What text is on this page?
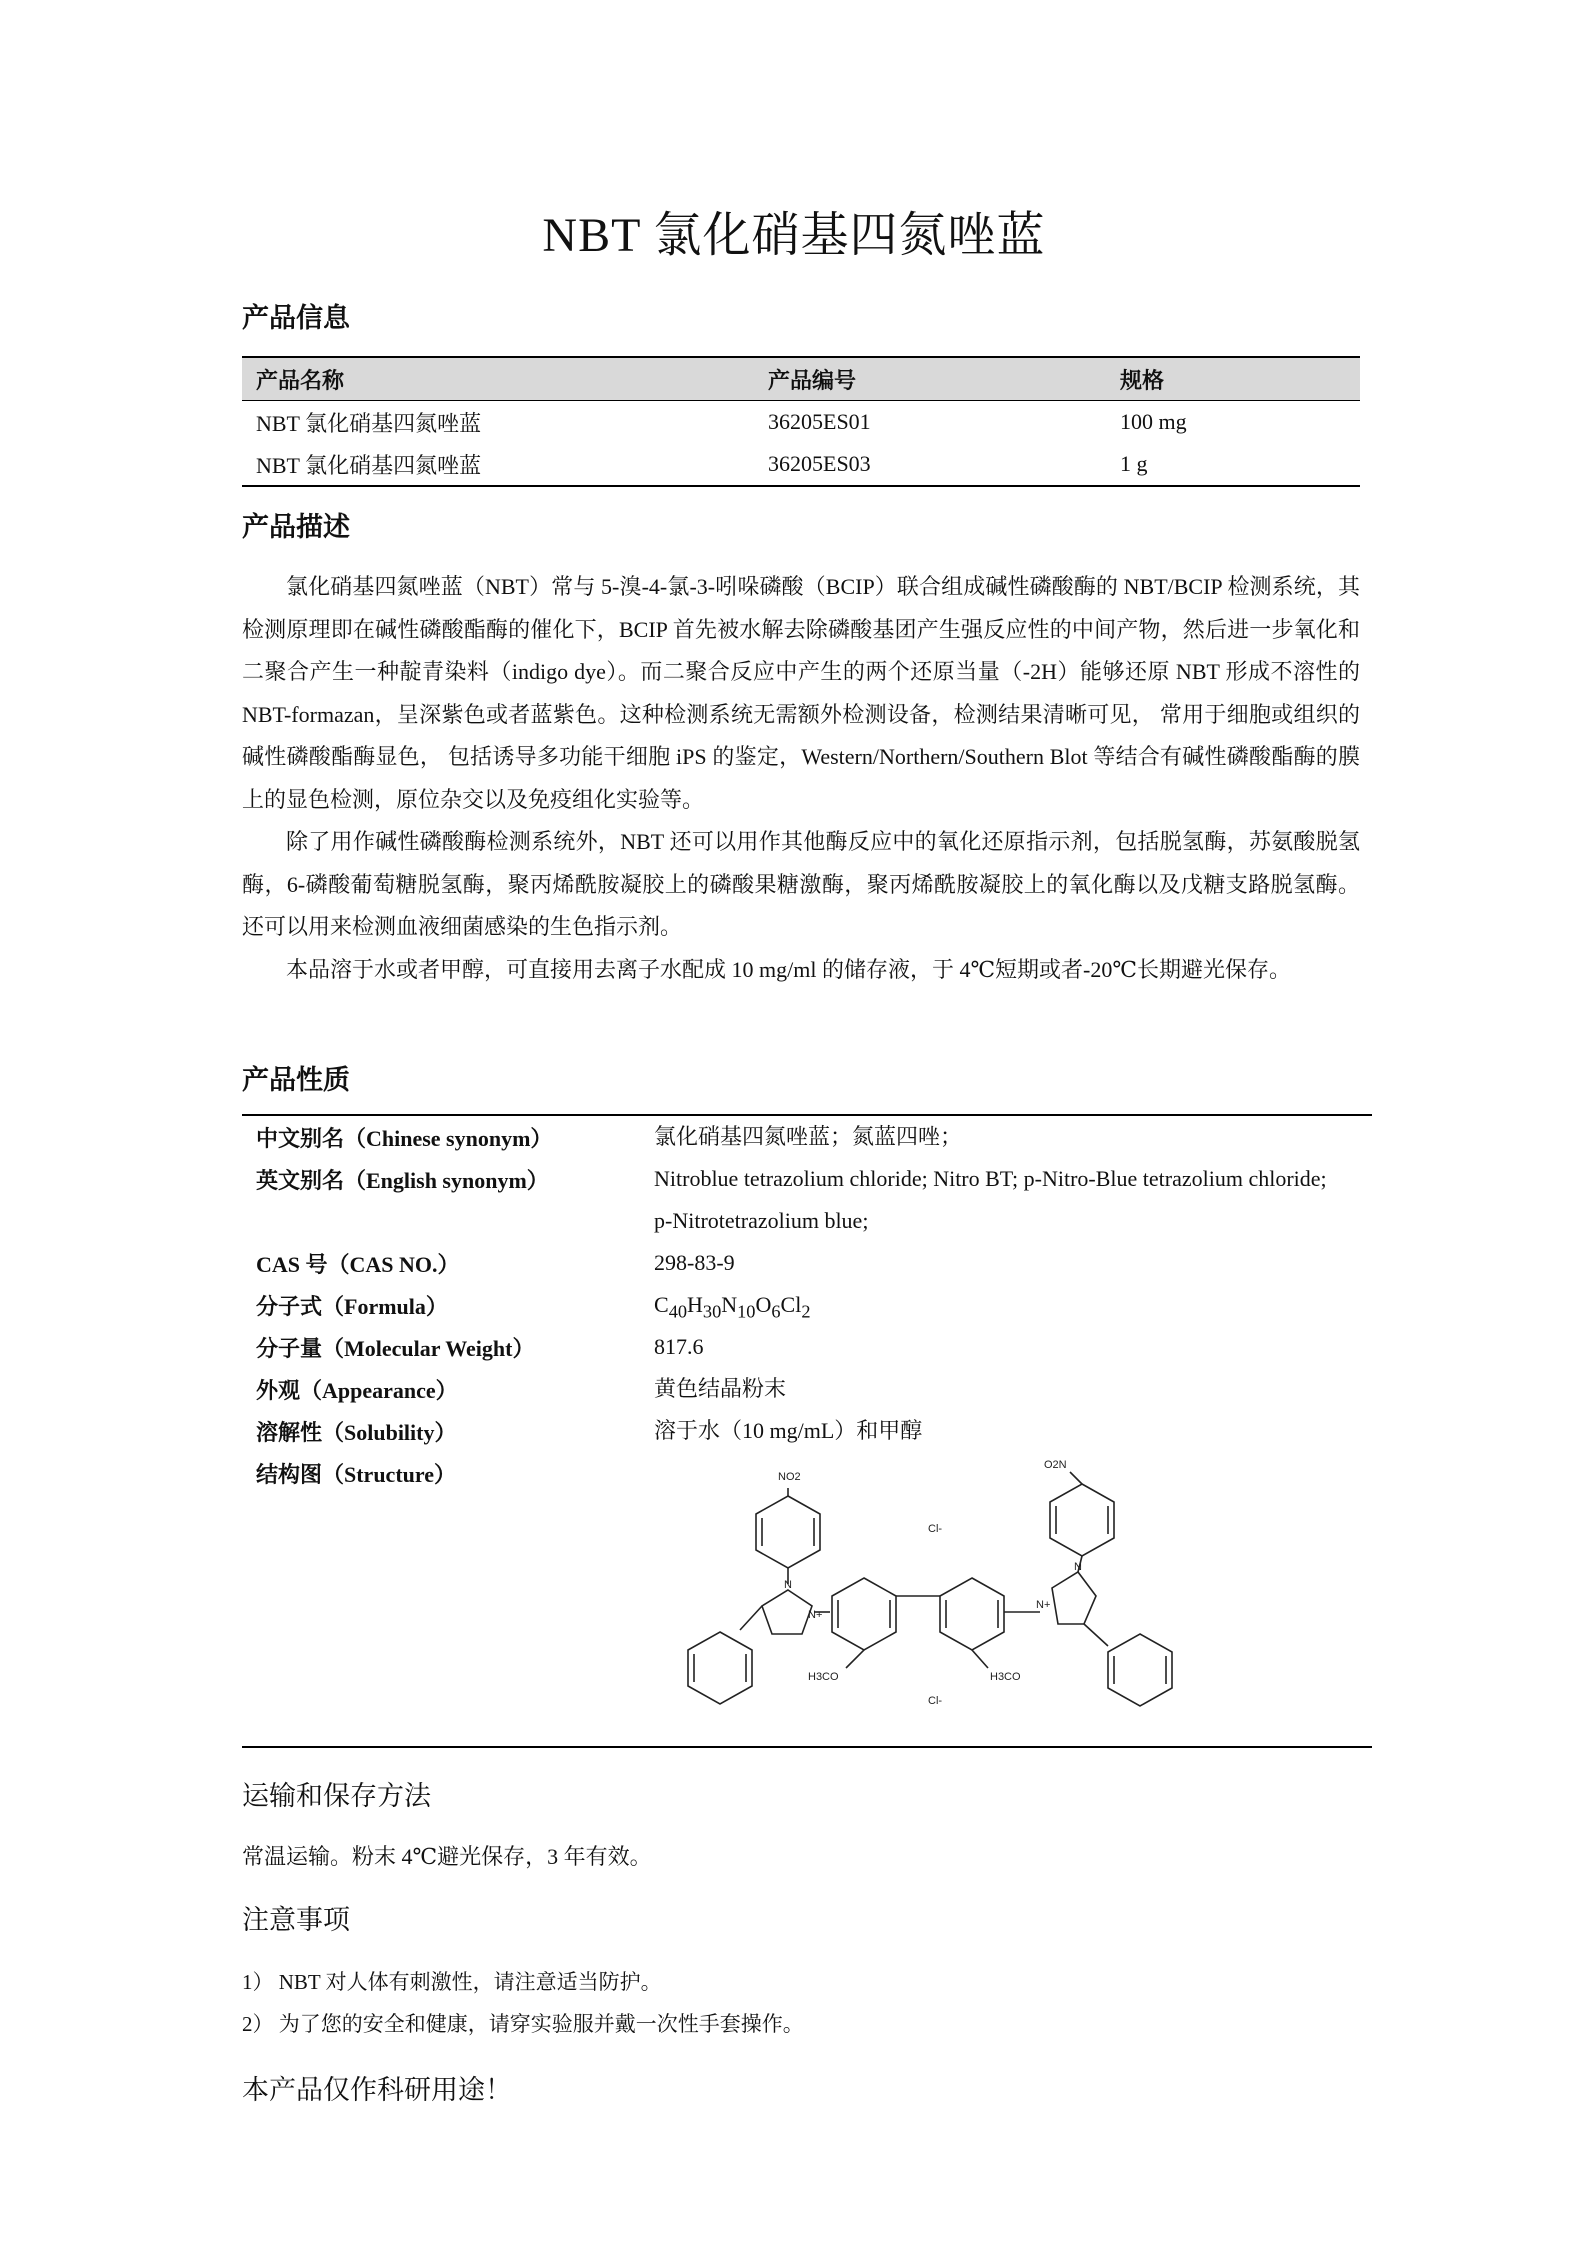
NBT 氯化硝基四氮唑蓝
产品信息
产品名称	产品编号	规格
NBT 氯化硝基四氮唑蓝	36205ES01	100 mg
NBT 氯化硝基四氮唑蓝	36205ES03	1 g
产品描述

氯化硝基四氮唑蓝（NBT）常与 5-溴-4-氯-3-吲哚磷酸（BCIP）联合组成碱性磷酸酶的 NBT/BCIP 检测系统，其检测原理即在碱性磷酸酯酶的催化下，BCIP 首先被水解去除磷酸基团产生强反应性的中间产物，然后进一步氧化和二聚合产生一种靛青染料（indigo dye）。而二聚合反应中产生的两个还原当量（-2H）能够还原 NBT 形成不溶性的 NBT-formazan，呈深紫色或者蓝紫色。这种检测系统无需额外检测设备，检测结果清晰可见， 常用于细胞或组织的碱性磷酸酯酶显色， 包括诱导多功能干细胞 iPS 的鉴定，Western/Northern/Southern Blot 等结合有碱性磷酸酯酶的膜上的显色检测，原位杂交以及免疫组化实验等。

除了用作碱性磷酸酶检测系统外，NBT 还可以用作其他酶反应中的氧化还原指示剂，包括脱氢酶，苏氨酸脱氢酶，6-磷酸葡萄糖脱氢酶，聚丙烯酰胺凝胶上的磷酸果糖激酶，聚丙烯酰胺凝胶上的氧化酶以及戊糖支路脱氢酶。还可以用来检测血液细菌感染的生色指示剂。

本品溶于水或者甲醇，可直接用去离子水配成 10 mg/ml 的储存液，于 4℃短期或者-20℃长期避光保存。

产品性质
中文别名（Chinese synonym）	氯化硝基四氮唑蓝；氮蓝四唑；
英文别名（English synonym）	Nitroblue tetrazolium chloride; Nitro BT; p-Nitro-Blue tetrazolium chloride; p-Nitrotetrazolium blue;
CAS 号（CAS NO.）	298-83-9
分子式（Formula）	$C_{40}H_{30}N_{10}O_6Cl_2$
分子量（Molecular Weight）	817.6
外观（Appearance）	黄色结晶粉末
溶解性（Solubility）	溶于水（10 mg/mL）和甲醇
结构图（Structure）	NO2
O2N
Cl-
Cl-
H3CO	H3CO
N
N+
N
N+
运输和保存方法
常温运输。粉末 4℃避光保存，3 年有效。
注意事项
1） NBT 对人体有刺激性，请注意适当防护。
2） 为了您的安全和健康，请穿实验服并戴一次性手套操作。
本产品仅作科研用途！
